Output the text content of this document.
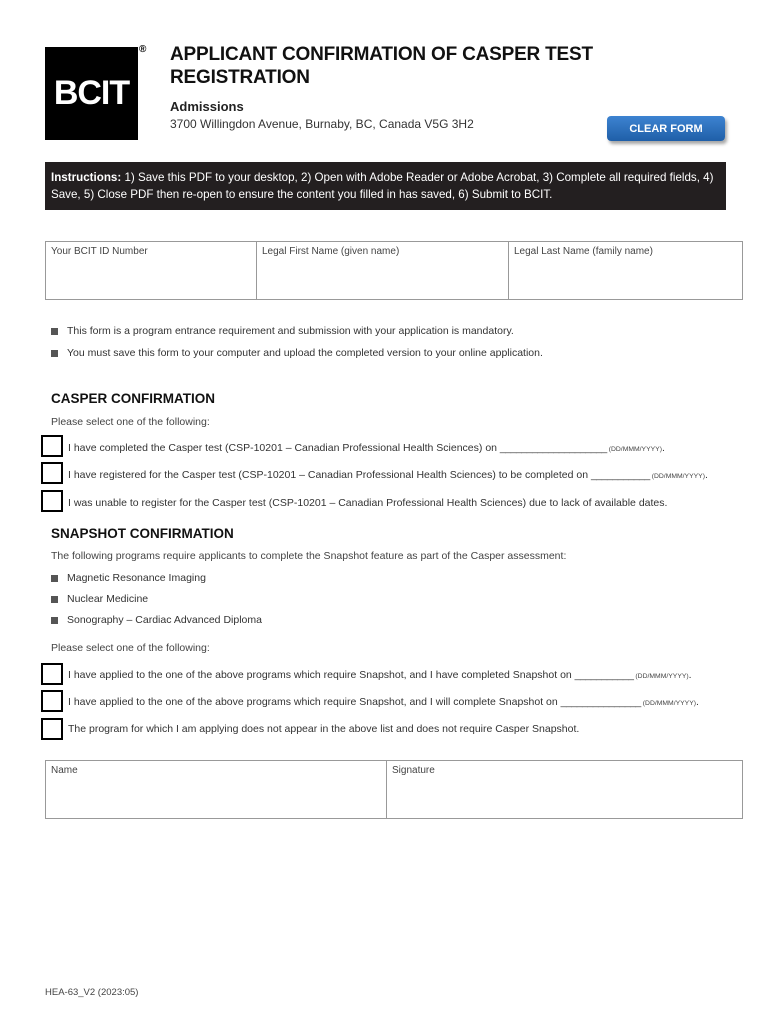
BCIT
® APPLICANT CONFIRMATION OF CASPER TEST REGISTRATION
Admissions
3700 Willingdon Avenue, Burnaby, BC, Canada V5G 3H2	CLEAR FORM
Instructions: 1) Save this PDF to your desktop, 2) Open with Adobe Reader or Adobe Acrobat, 3) Complete all required fields, 4) Save, 5) Close PDF then re-open to ensure the content you filled in has saved, 6) Submit to BCIT.
Your BCIT ID Number	Legal First Name (given name)	Legal Last Name (family name)
This form is a program entrance requirement and submission with your application is mandatory.
You must save this form to your computer and upload the completed version to your online application.
CASPER CONFIRMATION
Please select one of the following:
I have completed the Casper test (CSP-10201 – Canadian Professional Health Sciences) on ____________________ (DD/MMM/YYYY).
I have registered for the Casper test (CSP-10201 – Canadian Professional Health Sciences) to be completed on ___________ (DD/MMM/YYYY).
I was unable to register for the Casper test (CSP-10201 – Canadian Professional Health Sciences) due to lack of available dates.
SNAPSHOT CONFIRMATION
The following programs require applicants to complete the Snapshot feature as part of the Casper assessment:
Magnetic Resonance Imaging
Nuclear Medicine
Sonography – Cardiac Advanced Diploma
Please select one of the following:
I have applied to the one of the above programs which require Snapshot, and I have completed Snapshot on ___________ (DD/MMM/YYYY).
I have applied to the one of the above programs which require Snapshot, and I will complete Snapshot on _______________ (DD/MMM/YYYY).
The program for which I am applying does not appear in the above list and does not require Casper Snapshot.
Name	Signature
HEA-63_V2 (2023:05)
